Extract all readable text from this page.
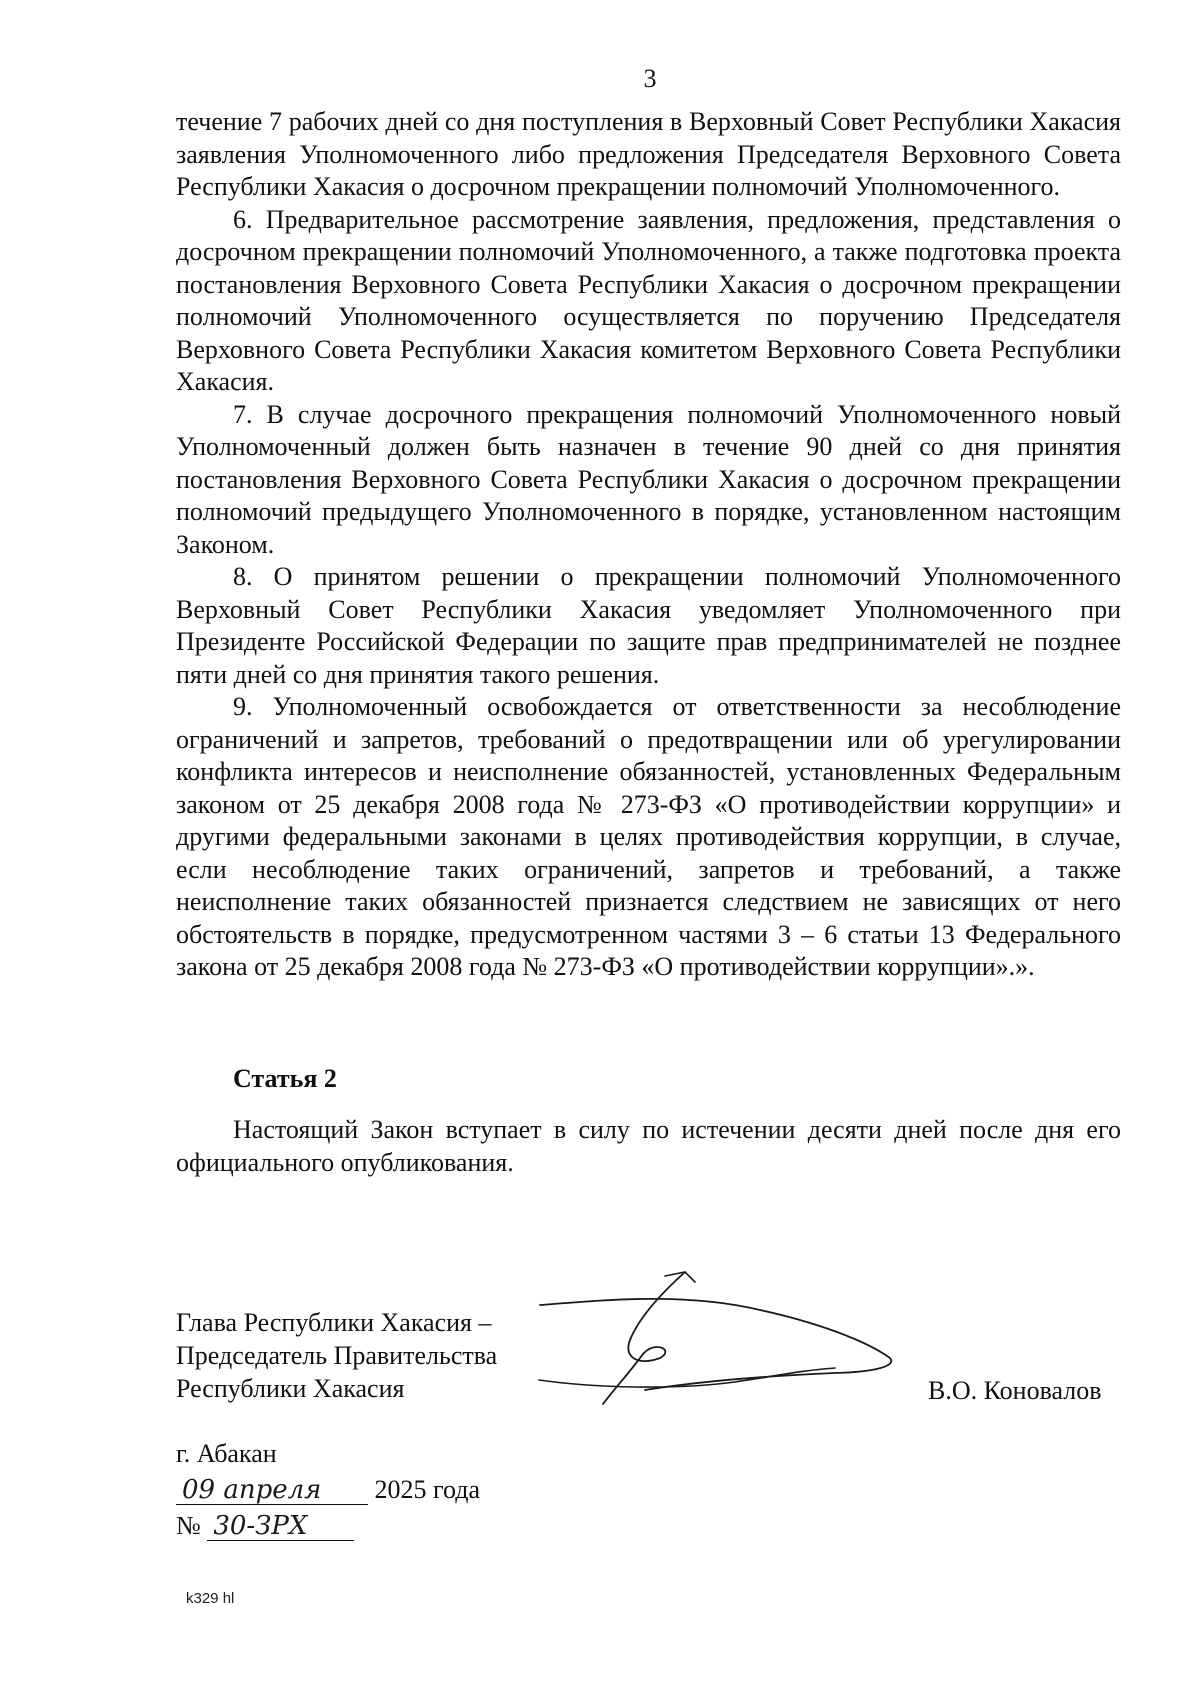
3

течение 7 рабочих дней со дня поступления в Верховный Совет Республики Хакасия заявления Уполномоченного либо предложения Председателя Верховного Совета Республики Хакасия о досрочном прекращении полномочий Уполномоченного.

6. Предварительное рассмотрение заявления, предложения, представления о досрочном прекращении полномочий Уполномоченного, а также подготовка проекта постановления Верховного Совета Республики Хакасия о досрочном прекращении полномочий Уполномоченного осуществляется по поручению Председателя Верховного Совета Республики Хакасия комитетом Верховного Совета Республики Хакасия.

7. В случае досрочного прекращения полномочий Уполномоченного новый Уполномоченный должен быть назначен в течение 90 дней со дня принятия постановления Верховного Совета Республики Хакасия о досрочном прекращении полномочий предыдущего Уполномоченного в порядке, установленном настоящим Законом.

8. О принятом решении о прекращении полномочий Уполномоченного Верховный Совет Республики Хакасия уведомляет Уполномоченного при Президенте Российской Федерации по защите прав предпринимателей не позднее пяти дней со дня принятия такого решения.

9. Уполномоченный освобождается от ответственности за несоблюдение ограничений и запретов, требований о предотвращении или об урегулировании конфликта интересов и неисполнение обязанностей, установленных Федеральным законом от 25 декабря 2008 года № 273-ФЗ «О противодействии коррупции» и другими федеральными законами в целях противодействия коррупции, в случае, если несоблюдение таких ограничений, запретов и требований, а также неисполнение таких обязанностей признается следствием не зависящих от него обстоятельств в порядке, предусмотренном частями 3 – 6 статьи 13 Федерального закона от 25 декабря 2008 года № 273-ФЗ «О противодействии коррупции».».

Статья 2

Настоящий Закон вступает в силу по истечении десяти дней после дня его официального опубликования.

Глава Республики Хакасия –
Председатель Правительства
Республики Хакасия	В.О. Коновалов
г. Абакан
09 апреля 2025 года
№ 30-ЗРХ
k329 hl
